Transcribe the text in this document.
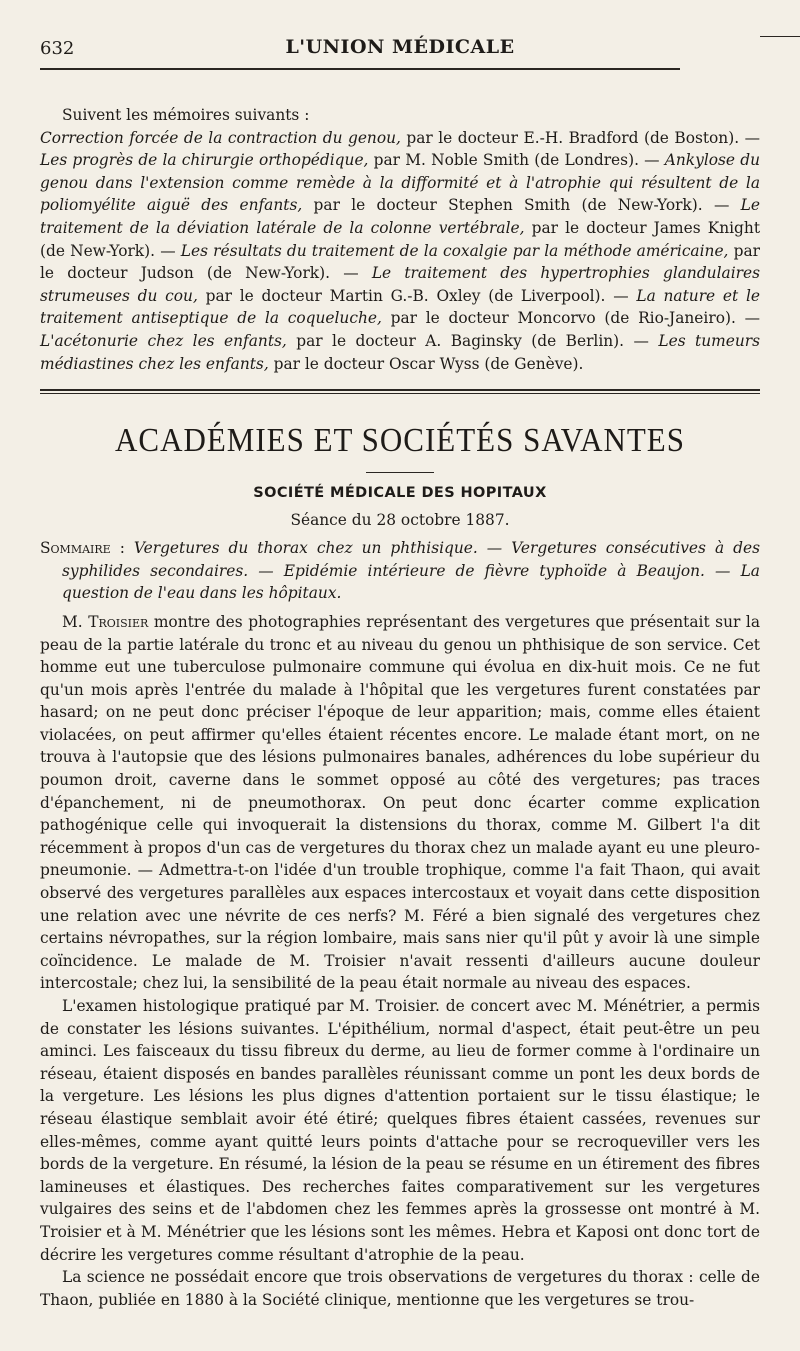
632	L'UNION MÉDICALE

Suivent les mémoires suivants :
Correction forcée de la contraction du genou, par le docteur E.-H. Bradford (de Boston). — Les progrès de la chirurgie orthopédique, par M. Noble Smith (de Londres). — Ankylose du genou dans l'extension comme remède à la difformité et à l'atrophie qui résultent de la poliomyélite aiguë des enfants, par le docteur Stephen Smith (de New-York). — Le traitement de la déviation latérale de la colonne vertébrale, par le docteur James Knight (de New-York). — Les résultats du traitement de la coxalgie par la méthode américaine, par le docteur Judson (de New-York). — Le traitement des hypertrophies glandulaires strumeuses du cou, par le docteur Martin G.-B. Oxley (de Liverpool). — La nature et le traitement antiseptique de la coqueluche, par le docteur Moncorvo (de Rio-Janeiro). — L'acétonurie chez les enfants, par le docteur A. Baginsky (de Berlin). — Les tumeurs médiastines chez les enfants, par le docteur Oscar Wyss (de Genève).

ACADÉMIES ET SOCIÉTÉS SAVANTES
SOCIÉTÉ MÉDICALE DES HOPITAUX
Séance du 28 octobre 1887.

Sommaire : Vergetures du thorax chez un phthisique. — Vergetures consécutives à des syphilides secondaires. — Epidémie intérieure de fièvre typhoïde à Beaujon. — La question de l'eau dans les hôpitaux.

M. Troisier montre des photographies représentant des vergetures que présentait sur la peau de la partie latérale du tronc et au niveau du genou un phthisique de son service. Cet homme eut une tuberculose pulmonaire commune qui évolua en dix-huit mois. Ce ne fut qu'un mois après l'entrée du malade à l'hôpital que les vergetures furent constatées par hasard; on ne peut donc préciser l'époque de leur apparition; mais, comme elles étaient violacées, on peut affirmer qu'elles étaient récentes encore. Le malade étant mort, on ne trouva à l'autopsie que des lésions pulmonaires banales, adhérences du lobe supérieur du poumon droit, caverne dans le sommet opposé au côté des vergetures; pas traces d'épanchement, ni de pneumothorax. On peut donc écarter comme explication pathogénique celle qui invoquerait la distensions du thorax, comme M. Gilbert l'a dit récemment à propos d'un cas de vergetures du thorax chez un malade ayant eu une pleuro-pneumonie. — Admettra-t-on l'idée d'un trouble trophique, comme l'a fait Thaon, qui avait observé des vergetures parallèles aux espaces intercostaux et voyait dans cette disposition une relation avec une névrite de ces nerfs? M. Féré a bien signalé des vergetures chez certains névropathes, sur la région lombaire, mais sans nier qu'il pût y avoir là une simple coïncidence. Le malade de M. Troisier n'avait ressenti d'ailleurs aucune douleur intercostale; chez lui, la sensibilité de la peau était normale au niveau des espaces.

L'examen histologique pratiqué par M. Troisier. de concert avec M. Ménétrier, a permis de constater les lésions suivantes. L'épithélium, normal d'aspect, était peut-être un peu aminci. Les faisceaux du tissu fibreux du derme, au lieu de former comme à l'ordinaire un réseau, étaient disposés en bandes parallèles réunissant comme un pont les deux bords de la vergeture. Les lésions les plus dignes d'attention portaient sur le tissu élastique; le réseau élastique semblait avoir été étiré; quelques fibres étaient cassées, revenues sur elles-mêmes, comme ayant quitté leurs points d'attache pour se recroqueviller vers les bords de la vergeture. En résumé, la lésion de la peau se résume en un étirement des fibres lamineuses et élastiques. Des recherches faites comparativement sur les vergetures vulgaires des seins et de l'abdomen chez les femmes après la grossesse ont montré à M. Troisier et à M. Ménétrier que les lésions sont les mêmes. Hebra et Kaposi ont donc tort de décrire les vergetures comme résultant d'atrophie de la peau.

La science ne possédait encore que trois observations de vergetures du thorax : celle de Thaon, publiée en 1880 à la Société clinique, mentionne que les vergetures se trou-
